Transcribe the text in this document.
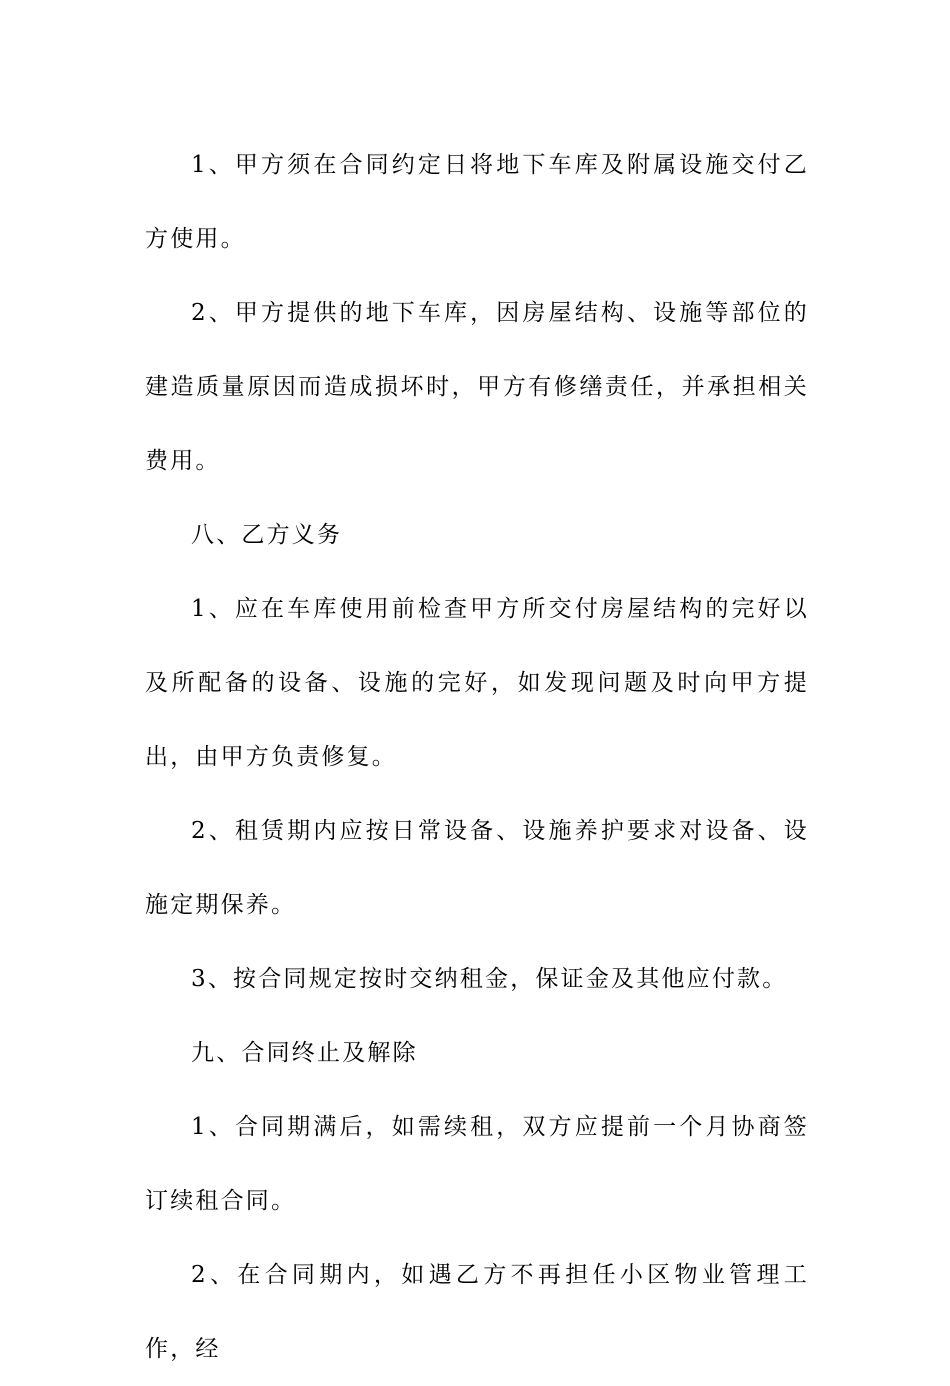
1、甲方须在合同约定日将地下车库及附属设施交付乙方使用。

2、甲方提供的地下车库，因房屋结构、设施等部位的建造质量原因而造成损坏时，甲方有修缮责任，并承担相关费用。

八、乙方义务

1、应在车库使用前检查甲方所交付房屋结构的完好以及所配备的设备、设施的完好，如发现问题及时向甲方提出，由甲方负责修复。

2、租赁期内应按日常设备、设施养护要求对设备、设施定期保养。

3、按合同规定按时交纳租金，保证金及其他应付款。

九、合同终止及解除

1、合同期满后，如需续租，双方应提前一个月协商签订续租合同。

2、在合同期内，如遇乙方不再担任小区物业管理工作，经
